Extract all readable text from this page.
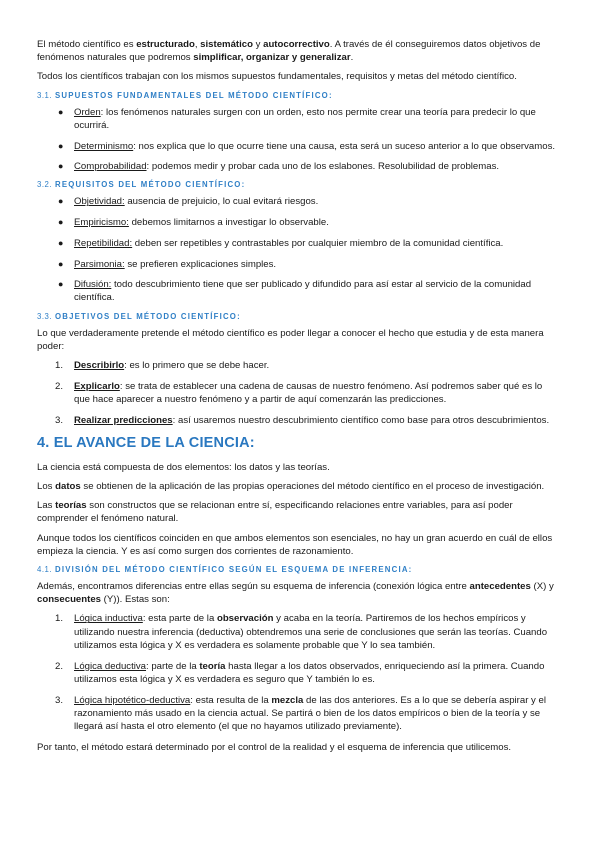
El método científico es estructurado, sistemático y autocorrectivo. A través de él conseguiremos datos objetivos de fenómenos naturales que podremos simplificar, organizar y generalizar.

Todos los científicos trabajan con los mismos supuestos fundamentales, requisitos y metas del método científico.

3.1. SUPUESTOS FUNDAMENTALES DEL MÉTODO CIENTÍFICO:
● Orden: los fenómenos naturales surgen con un orden, esto nos permite crear una teoría para predecir lo que ocurrirá.
● Determinismo: nos explica que lo que ocurre tiene una causa, esta será un suceso anterior a lo que observamos.
● Comprobabilidad: podemos medir y probar cada uno de los eslabones. Resolubilidad de problemas.
3.2. REQUISITOS DEL MÉTODO CIENTÍFICO:
● Objetividad: ausencia de prejuicio, lo cual evitará riesgos.
● Empiricismo: debemos limitarnos a investigar lo observable.
● Repetibilidad: deben ser repetibles y contrastables por cualquier miembro de la comunidad científica.
● Parsimonia: se prefieren explicaciones simples.
● Difusión: todo descubrimiento tiene que ser publicado y difundido para así estar al servicio de la comunidad científica.
3.3. OBJETIVOS DEL MÉTODO CIENTÍFICO:

Lo que verdaderamente pretende el método científico es poder llegar a conocer el hecho que estudia y de esta manera poder:

1. Describirlo: es lo primero que se debe hacer.
2. Explicarlo: se trata de establecer una cadena de causas de nuestro fenómeno. Así podremos saber qué es lo que hace aparecer a nuestro fenómeno y a partir de aquí comenzarán las predicciones.
3. Realizar predicciones: así usaremos nuestro descubrimiento científico como base para otros descubrimientos.
4. EL AVANCE DE LA CIENCIA:

La ciencia está compuesta de dos elementos: los datos y las teorías.

Los datos se obtienen de la aplicación de las propias operaciones del método científico en el proceso de investigación.

Las teorías son constructos que se relacionan entre sí, especificando relaciones entre variables, para así poder comprender el fenómeno natural.

Aunque todos los científicos coinciden en que ambos elementos son esenciales, no hay un gran acuerdo en cuál de ellos empieza la ciencia. Y es así como surgen dos corrientes de razonamiento.

4.1. DIVISIÓN DEL MÉTODO CIENTÍFICO SEGÚN EL ESQUEMA DE INFERENCIA:

Además, encontramos diferencias entre ellas según su esquema de inferencia (conexión lógica entre antecedentes (X) y consecuentes (Y)). Estas son:

1. Lógica inductiva: esta parte de la observación y acaba en la teoría. Partiremos de los hechos empíricos y utilizando nuestra inferencia (deductiva) obtendremos una serie de conclusiones que serán las teorías. Cuando utilizamos esta lógica y X es verdadera es solamente probable que Y lo sea también.
2. Lógica deductiva: parte de la teoría hasta llegar a los datos observados, enriqueciendo así la primera. Cuando utilizamos esta lógica y X es verdadera es seguro que Y también lo es.
3. Lógica hipotético-deductiva: esta resulta de la mezcla de las dos anteriores. Es a lo que se debería aspirar y el razonamiento más usado en la ciencia actual. Se partirá o bien de los datos empíricos o bien de la teoría y se llegará así hasta el otro elemento (el que no hayamos utilizado previamente).

Por tanto, el método estará determinado por el control de la realidad y el esquema de inferencia que utilicemos.
